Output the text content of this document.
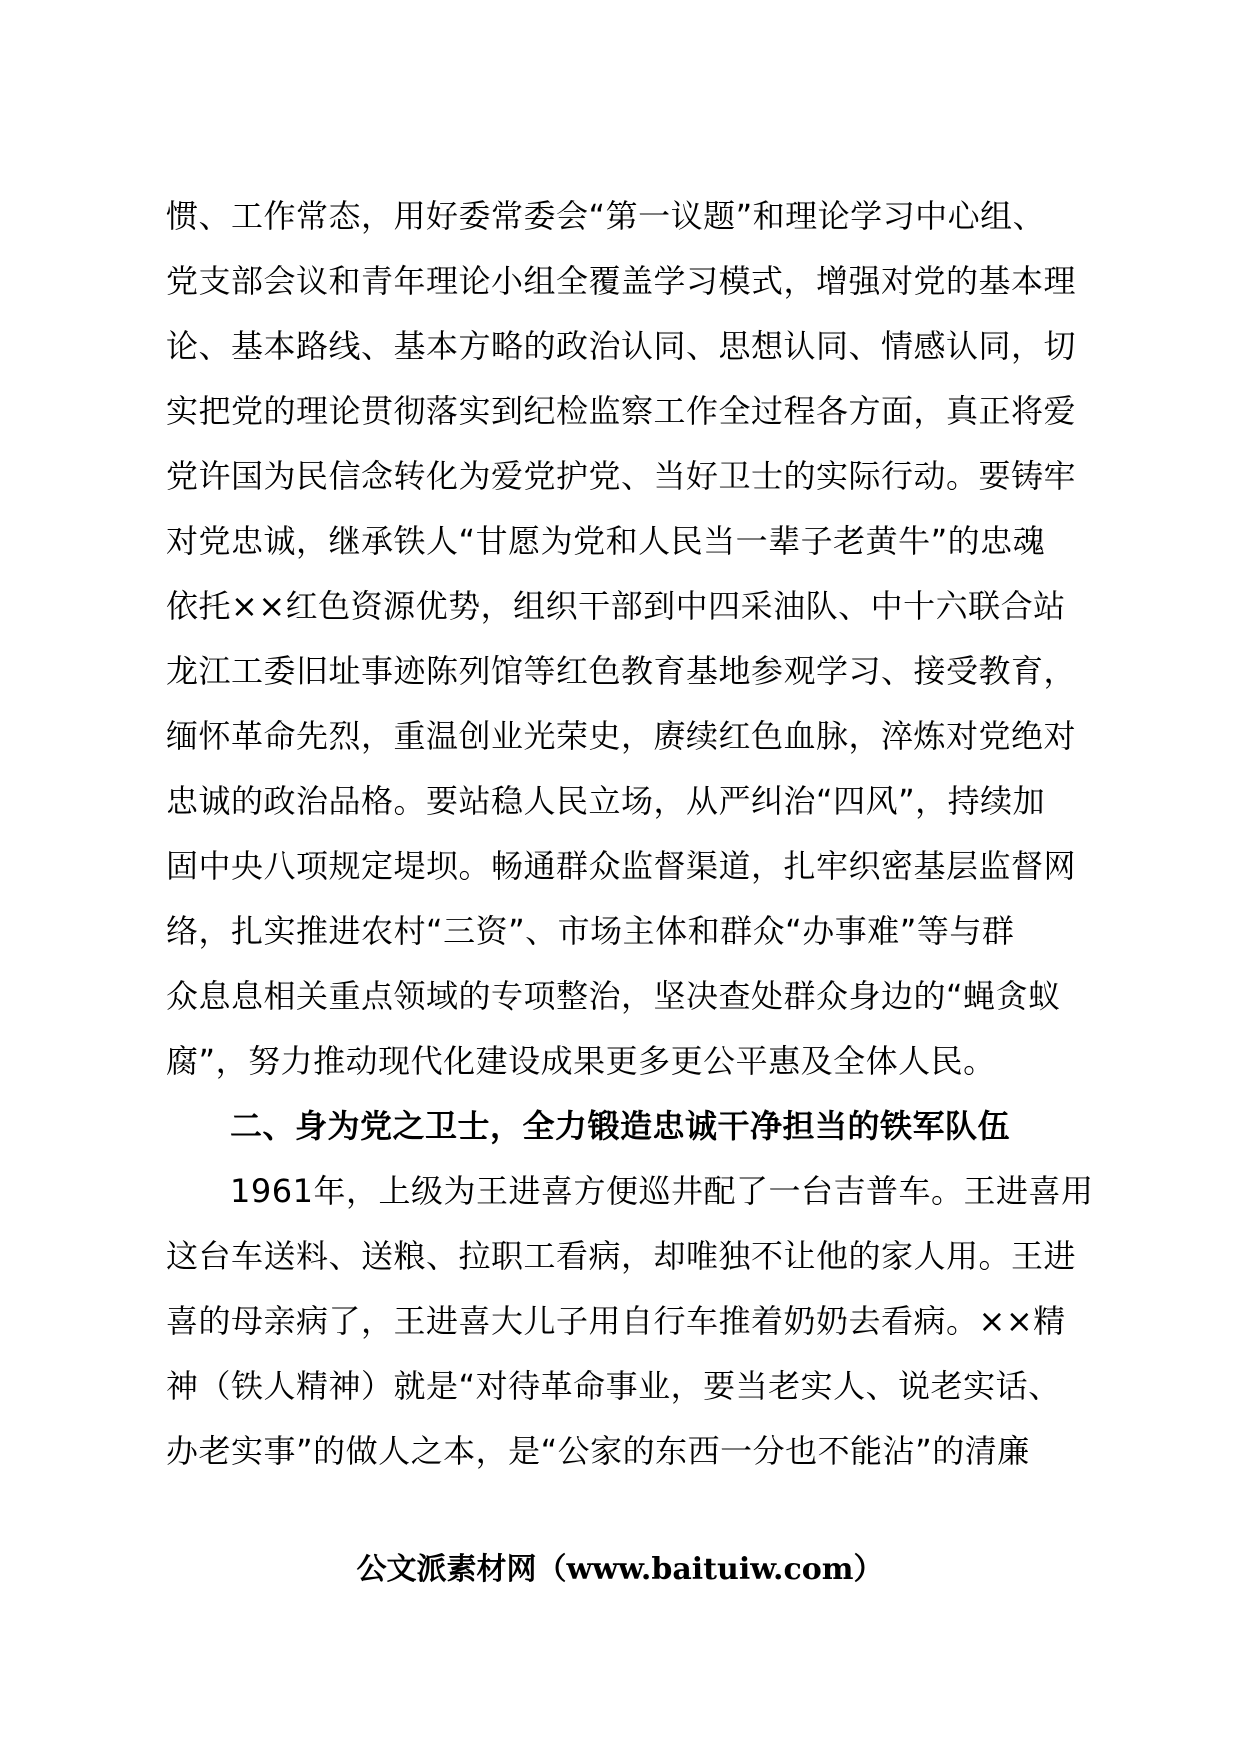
惯、工作常态，用好委常委会“第一议题”和理论学习中心组、
党支部会议和青年理论小组全覆盖学习模式，增强对党的基本理
论、基本路线、基本方略的政治认同、思想认同、情感认同，切
实把党的理论贯彻落实到纪检监察工作全过程各方面，真正将爱
党许国为民信念转化为爱党护党、当好卫士的实际行动。要铸牢
对党忠诚，继承铁人“甘愿为党和人民当一辈子老黄牛”的忠魂
依托××红色资源优势，组织干部到中四采油队、中十六联合站
龙江工委旧址事迹陈列馆等红色教育基地参观学习、接受教育，
缅怀革命先烈，重温创业光荣史，赓续红色血脉，淬炼对党绝对
忠诚的政治品格。要站稳人民立场，从严纠治“四风”，持续加
固中央八项规定堤坝。畅通群众监督渠道，扎牢织密基层监督网
络，扎实推进农村“三资”、市场主体和群众“办事难”等与群
众息息相关重点领域的专项整治，坚决查处群众身边的“蝇贪蚁
腐”，努力推动现代化建设成果更多更公平惠及全体人民。
二、身为党之卫士，全力锻造忠诚干净担当的铁军队伍
1961年，上级为王进喜方便巡井配了一台吉普车。王进喜用
这台车送料、送粮、拉职工看病，却唯独不让他的家人用。王进
喜的母亲病了，王进喜大儿子用自行车推着奶奶去看病。××精
神（铁人精神）就是“对待革命事业，要当老实人、说老实话、
办老实事”的做人之本，是“公家的东西一分也不能沾”的清廉
公文派素材网（www.baituiw.com）
